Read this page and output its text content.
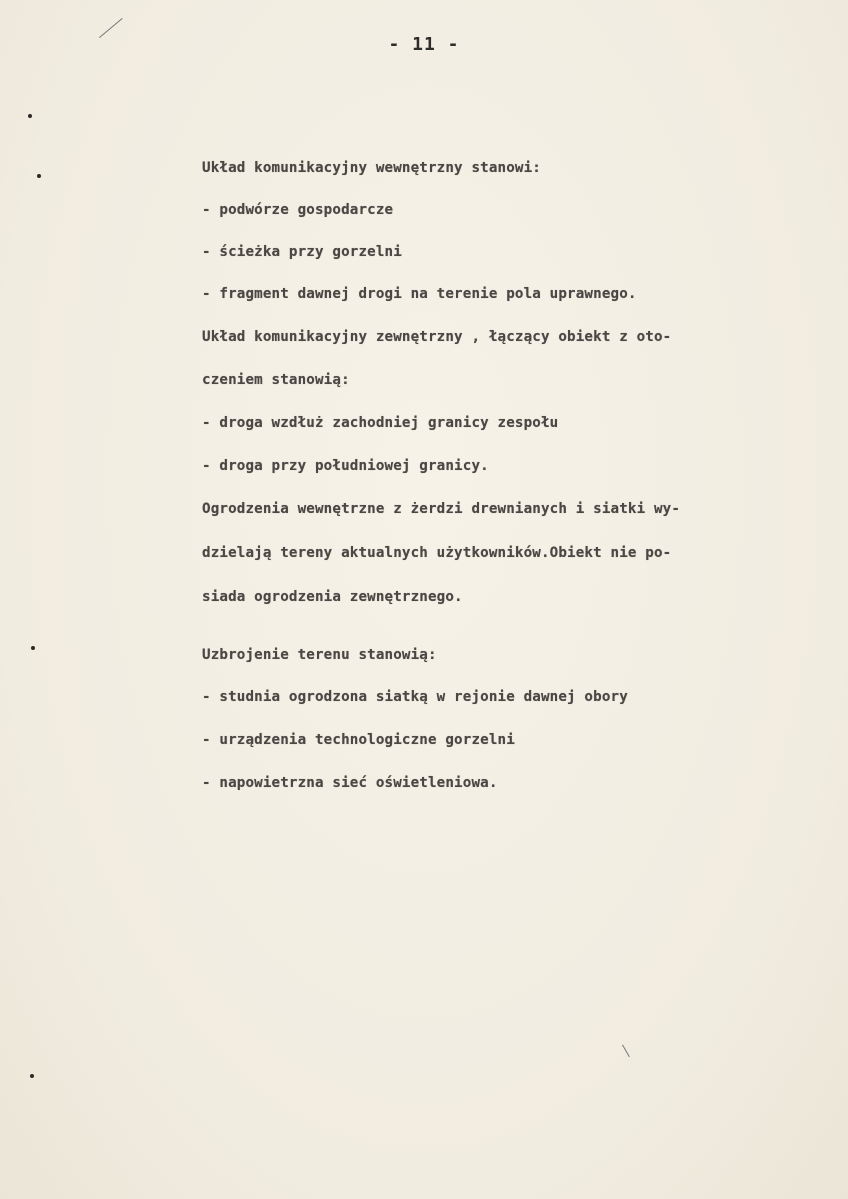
- 11 -
Układ komunikacyjny wewnętrzny stanowi:
- podwórze gospodarcze
- ścieżka przy gorzelni
- fragment dawnej drogi na terenie pola uprawnego.
Układ komunikacyjny zewnętrzny , łączący obiekt z oto-
czeniem stanowią:
- droga wzdłuż zachodniej granicy zespołu
- droga przy południowej granicy.
Ogrodzenia wewnętrzne z żerdzi drewnianych i siatki wy-
dzielają tereny aktualnych użytkowników.Obiekt nie po-
siada ogrodzenia zewnętrznego.
Uzbrojenie terenu stanowią:
- studnia ogrodzona siatką w rejonie dawnej obory
- urządzenia technologiczne gorzelni
- napowietrzna sieć oświetleniowa.
